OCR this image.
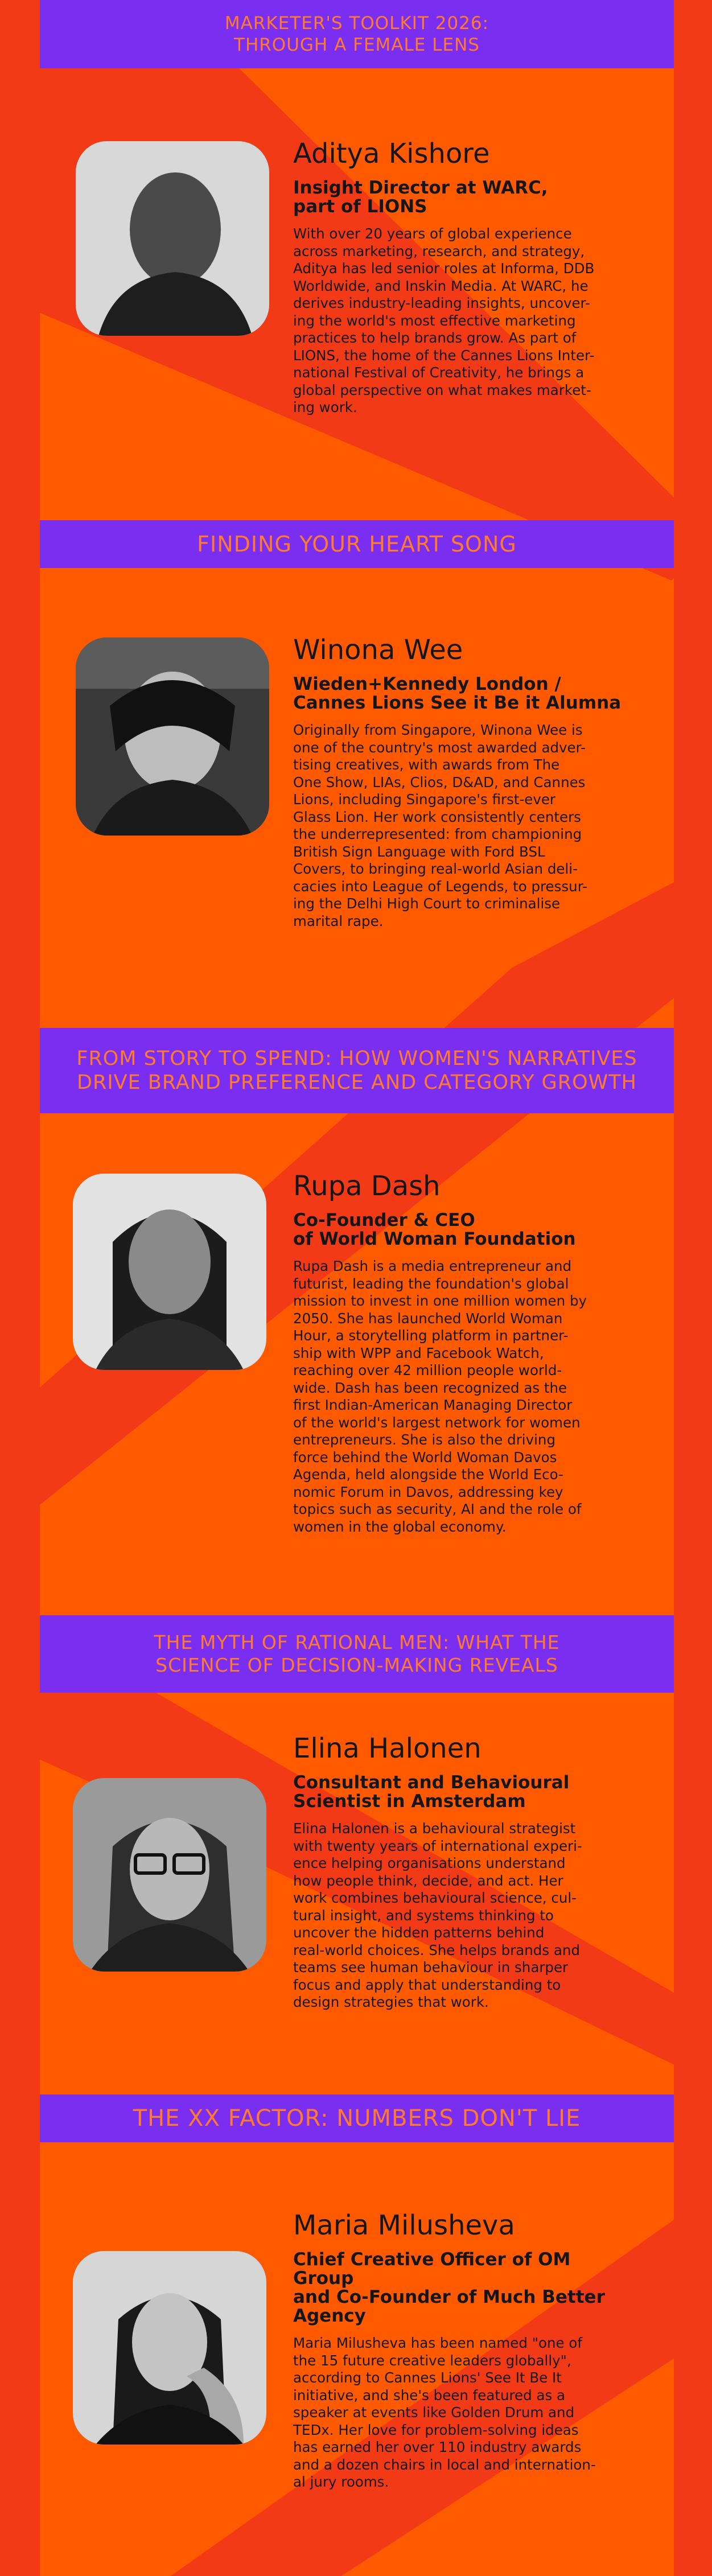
MARKETER'S TOOLKIT 2026:
THROUGH A FEMALE LENS
Aditya Kishore
Insight Director at WARC,
part of LIONS

With over 20 years of global experience
across marketing, research, and strategy,
Aditya has led senior roles at Informa, DDB
Worldwide, and Inskin Media. At WARC, he
derives industry-leading insights, uncover-
ing the world's most effective marketing
practices to help brands grow. As part of
LIONS, the home of the Cannes Lions Inter-
national Festival of Creativity, he brings a
global perspective on what makes market-
ing work.

FINDING YOUR HEART SONG
Winona Wee
Wieden+Kennedy London /
Cannes Lions See it Be it Alumna

Originally from Singapore, Winona Wee is
one of the country's most awarded adver-
tising creatives, with awards from The
One Show, LIAs, Clios, D&AD, and Cannes
Lions, including Singapore's first-ever
Glass Lion. Her work consistently centers
the underrepresented: from championing
British Sign Language with Ford BSL
Covers, to bringing real-world Asian deli-
cacies into League of Legends, to pressur-
ing the Delhi High Court to criminalise
marital rape.

FROM STORY TO SPEND: HOW WOMEN'S NARRATIVES
DRIVE BRAND PREFERENCE AND CATEGORY GROWTH
Rupa Dash
Co-Founder & CEO
of World Woman Foundation

Rupa Dash is a media entrepreneur and
futurist, leading the foundation's global
mission to invest in one million women by
2050. She has launched World Woman
Hour, a storytelling platform in partner-
ship with WPP and Facebook Watch,
reaching over 42 million people world-
wide. Dash has been recognized as the
first Indian-American Managing Director
of the world's largest network for women
entrepreneurs. She is also the driving
force behind the World Woman Davos
Agenda, held alongside the World Eco-
nomic Forum in Davos, addressing key
topics such as security, AI and the role of
women in the global economy.

THE MYTH OF RATIONAL MEN: WHAT THE
SCIENCE OF DECISION-MAKING REVEALS
Elina Halonen
Consultant and Behavioural
Scientist in Amsterdam

Elina Halonen is a behavioural strategist
with twenty years of international experi-
ence helping organisations understand
how people think, decide, and act. Her
work combines behavioural science, cul-
tural insight, and systems thinking to
uncover the hidden patterns behind
real-world choices. She helps brands and
teams see human behaviour in sharper
focus and apply that understanding to
design strategies that work.

THE XX FACTOR: NUMBERS DON'T LIE
Maria Milusheva
Chief Creative Officer of OM Group
and Co-Founder of Much Better
Agency

Maria Milusheva has been named "one of
the 15 future creative leaders globally",
according to Cannes Lions' See It Be It
initiative, and she's been featured as a
speaker at events like Golden Drum and
TEDx. Her love for problem-solving ideas
has earned her over 110 industry awards
and a dozen chairs in local and internation-
al jury rooms.
